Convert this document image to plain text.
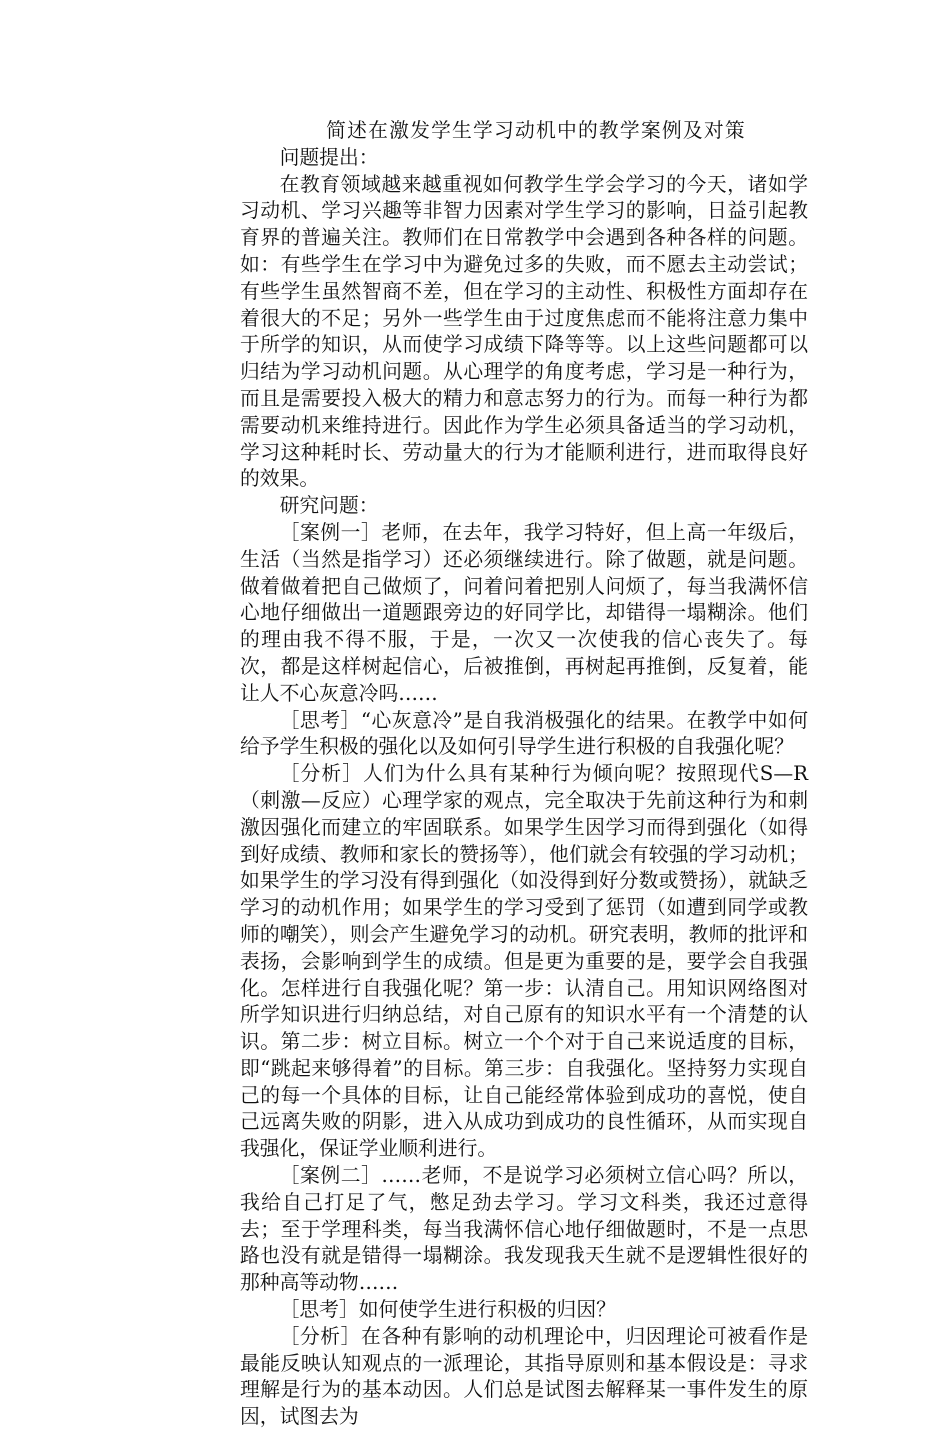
简述在激发学生学习动机中的教学案例及对策

问题提出：

在教育领域越来越重视如何教学生学会学习的今天，诸如学习动机、学习兴趣等非智力因素对学生学习的影响，日益引起教育界的普遍关注。教师们在日常教学中会遇到各种各样的问题。如：有些学生在学习中为避免过多的失败，而不愿去主动尝试；有些学生虽然智商不差，但在学习的主动性、积极性方面却存在着很大的不足；另外一些学生由于过度焦虑而不能将注意力集中于所学的知识，从而使学习成绩下降等等。以上这些问题都可以归结为学习动机问题。从心理学的角度考虑，学习是一种行为，而且是需要投入极大的精力和意志努力的行为。而每一种行为都需要动机来维持进行。因此作为学生必须具备适当的学习动机，学习这种耗时长、劳动量大的行为才能顺利进行，进而取得良好的效果。

研究问题：

［案例一］老师，在去年，我学习特好，但上高一年级后，生活（当然是指学习）还必须继续进行。除了做题，就是问题。做着做着把自己做烦了，问着问着把别人问烦了，每当我满怀信心地仔细做出一道题跟旁边的好同学比，却错得一塌糊涂。他们的理由我不得不服，于是，一次又一次使我的信心丧失了。每次，都是这样树起信心，后被推倒，再树起再推倒，反复着，能让人不心灰意冷吗……

［思考］“心灰意冷”是自我消极强化的结果。在教学中如何给予学生积极的强化以及如何引导学生进行积极的自我强化呢？

［分析］人们为什么具有某种行为倾向呢？按照现代S—R（刺激—反应）心理学家的观点，完全取决于先前这种行为和刺激因强化而建立的牢固联系。如果学生因学习而得到强化（如得到好成绩、教师和家长的赞扬等），他们就会有较强的学习动机；如果学生的学习没有得到强化（如没得到好分数或赞扬），就缺乏学习的动机作用；如果学生的学习受到了惩罚（如遭到同学或教师的嘲笑），则会产生避免学习的动机。研究表明，教师的批评和表扬，会影响到学生的成绩。但是更为重要的是，要学会自我强化。怎样进行自我强化呢？第一步：认清自己。用知识网络图对所学知识进行归纳总结，对自己原有的知识水平有一个清楚的认识。第二步：树立目标。树立一个个对于自己来说适度的目标，即“跳起来够得着”的目标。第三步：自我强化。坚持努力实现自己的每一个具体的目标，让自己能经常体验到成功的喜悦，使自己远离失败的阴影，进入从成功到成功的良性循环，从而实现自我强化，保证学业顺利进行。

［案例二］……老师，不是说学习必须树立信心吗？所以，我给自己打足了气，憋足劲去学习。学习文科类，我还过意得去；至于学理科类，每当我满怀信心地仔细做题时，不是一点思路也没有就是错得一塌糊涂。我发现我天生就不是逻辑性很好的那种高等动物……

［思考］如何使学生进行积极的归因？

［分析］在各种有影响的动机理论中，归因理论可被看作是最能反映认知观点的一派理论，其指导原则和基本假设是：寻求理解是行为的基本动因。人们总是试图去解释某一事件发生的原因，试图去为
